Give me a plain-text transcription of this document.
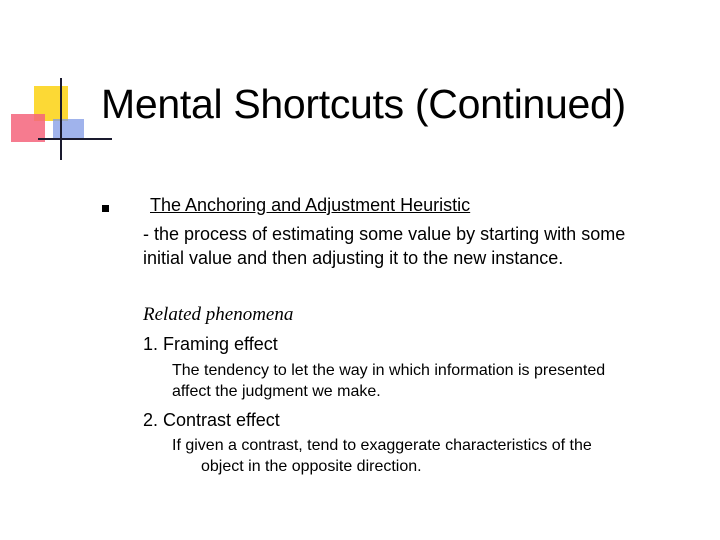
Mental Shortcuts (Continued)
The Anchoring and Adjustment Heuristic
- the process of estimating some value by starting with some
initial value and then adjusting it to the new instance.
Related phenomena
1. Framing effect
The tendency to let the way in which information is presented
affect the judgment we make.
2. Contrast effect
If given a contrast, tend to exaggerate characteristics of the
object in the opposite direction.
